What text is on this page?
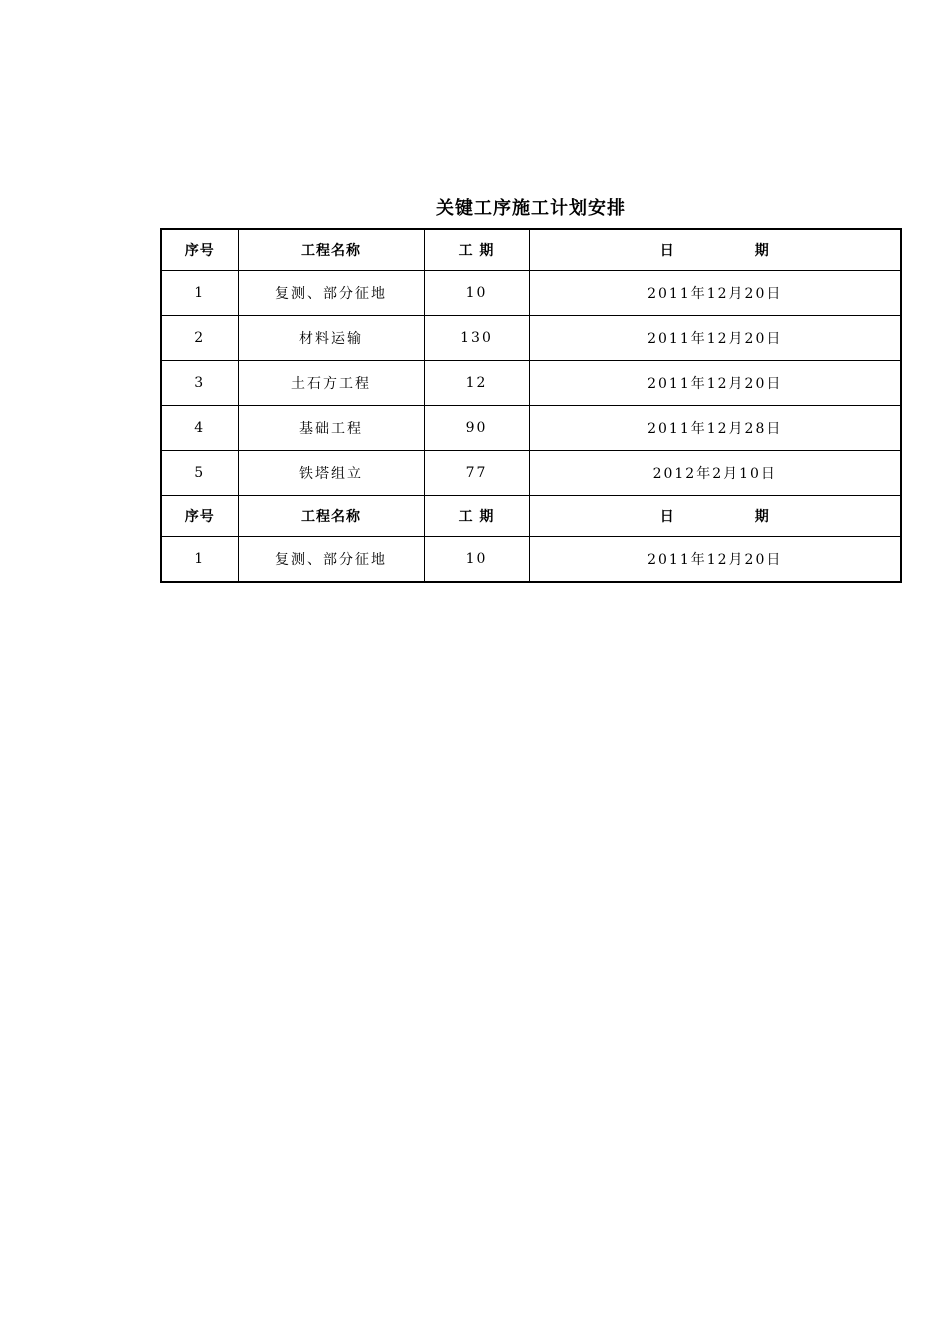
关键工序施工计划安排
序号	工程名称	工 期	日 期

1	复测、部分征地	10	2011年12月20日
2	材料运输	130	2011年12月20日
3	土石方工程	12	2011年12月20日
4	基础工程	90	2011年12月28日
5	铁塔组立	77	2012年2月10日
序号	工程名称	工 期	日 期

1	复测、部分征地	10	2011年12月20日
